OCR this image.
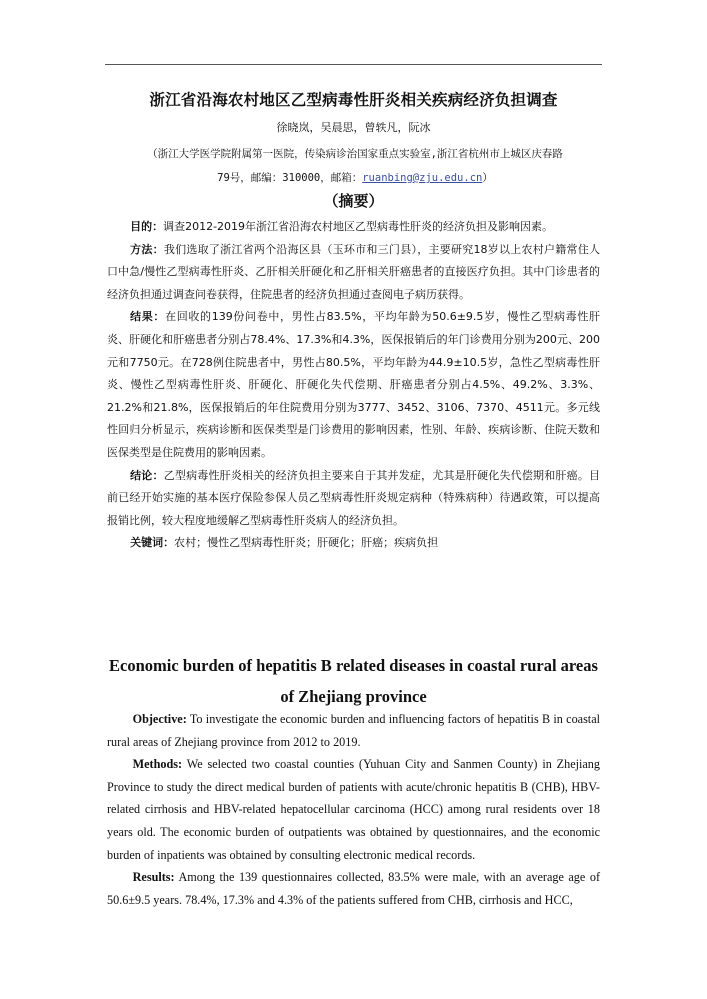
浙江省沿海农村地区乙型病毒性肝炎相关疾病经济负担调查
徐晓岚，吴晨思，曾轶凡，阮冰
（浙江大学医学院附属第一医院，传染病诊治国家重点实验室,浙江省杭州市上城区庆春路
79号，邮编：310000，邮箱：ruanbing@zju.edu.cn）
（摘要）

目的：调查2012-2019年浙江省沿海农村地区乙型病毒性肝炎的经济负担及影响因素。

方法：我们选取了浙江省两个沿海区县（玉环市和三门县），主要研究18岁以上农村户籍常住人口中急/慢性乙型病毒性肝炎、乙肝相关肝硬化和乙肝相关肝癌患者的直接医疗负担。其中门诊患者的经济负担通过调查问卷获得，住院患者的经济负担通过查阅电子病历获得。

结果：在回收的139份问卷中，男性占83.5%，平均年龄为50.6±9.5岁，慢性乙型病毒性肝炎、肝硬化和肝癌患者分别占78.4%、17.3%和4.3%，医保报销后的年门诊费用分别为200元、200元和7750元。在728例住院患者中，男性占80.5%，平均年龄为44.9±10.5岁，急性乙型病毒性肝炎、慢性乙型病毒性肝炎、肝硬化、肝硬化失代偿期、肝癌患者分别占4.5%、49.2%、3.3%、21.2%和21.8%，医保报销后的年住院费用分别为3777、3452、3106、7370、4511元。多元线性回归分析显示，疾病诊断和医保类型是门诊费用的影响因素，性别、年龄、疾病诊断、住院天数和医保类型是住院费用的影响因素。

结论：乙型病毒性肝炎相关的经济负担主要来自于其并发症，尤其是肝硬化失代偿期和肝癌。目前已经开始实施的基本医疗保险参保人员乙型病毒性肝炎规定病种（特殊病种）待遇政策，可以提高报销比例，较大程度地缓解乙型病毒性肝炎病人的经济负担。

关键词：农村；慢性乙型病毒性肝炎；肝硬化；肝癌；疾病负担

Economic burden of hepatitis B related diseases in coastal rural areas of Zhejiang province

Objective: To investigate the economic burden and influencing factors of hepatitis B in coastal rural areas of Zhejiang province from 2012 to 2019.

Methods: We selected two coastal counties (Yuhuan City and Sanmen County) in Zhejiang Province to study the direct medical burden of patients with acute/chronic hepatitis B (CHB), HBV-related cirrhosis and HBV-related hepatocellular carcinoma (HCC) among rural residents over 18 years old. The economic burden of outpatients was obtained by questionnaires, and the economic burden of inpatients was obtained by consulting electronic medical records.

Results: Among the 139 questionnaires collected, 83.5% were male, with an average age of 50.6±9.5 years. 78.4%, 17.3% and 4.3% of the patients suffered from CHB, cirrhosis and HCC,
